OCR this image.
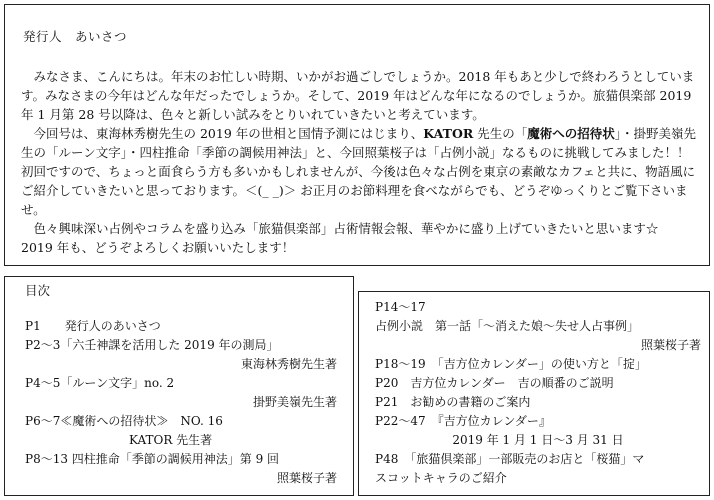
発行人　あいさつ

みなさま、こんにちは。年末のお忙しい時期、いかがお過ごしでしょうか。2018 年もあと少しで終わろうとしています。みなさまの今年はどんな年だったでしょうか。そして、2019 年はどんな年になるのでしょうか。旅猫倶楽部 2019 年 1 月第 28 号以降は、色々と新しい試みをとりいれていきたいと考えています。

今回号は、東海林秀樹先生の 2019 年の世相と国情予測にはじまり、KATOR 先生の「魔術への招待状」・掛野美嶺先生の「ルーン文字」・四柱推命「季節の調候用神法」と、今回照葉桜子は「占例小説」なるものに挑戦してみました！！　初回ですので、ちょっと面食らう方も多いかもしれませんが、今後は色々な占例を東京の素敵なカフェと共に、物語風にご紹介していきたいと思っております。＜(_ _)＞ お正月のお節料理を食べながらでも、どうぞゆっくりとご覧下さいませ。

色々興味深い占例やコラムを盛り込み「旅猫倶楽部」占術情報会報、華やかに盛り上げていきたいと思います☆　2019 年も、どうぞよろしくお願いいたします！

目次
P1　　発行人のあいさつ
P2～3「六壬神課を活用した 2019 年の測局」
東海林秀樹先生著
P4～5「ルーン文字」no. 2
掛野美嶺先生著
P6～7≪魔術への招待状≫　NO. 16
KATOR 先生著
P8～13 四柱推命「季節の調候用神法」第 9 回
照葉桜子著
P14～17
占例小説　第一話「～消えた娘～失せ人占事例」
照葉桜子著
P18～19　「吉方位カレンダー」の使い方と「掟」
P20　吉方位カレンダー　吉の順番のご説明
P21　お勧めの書籍のご案内
P22～47　『吉方位カレンダー』
2019 年 1 月 1 日～3 月 31 日
P48　「旅猫倶楽部」一部販売のお店と「桜猫」マ
スコットキャラのご紹介
